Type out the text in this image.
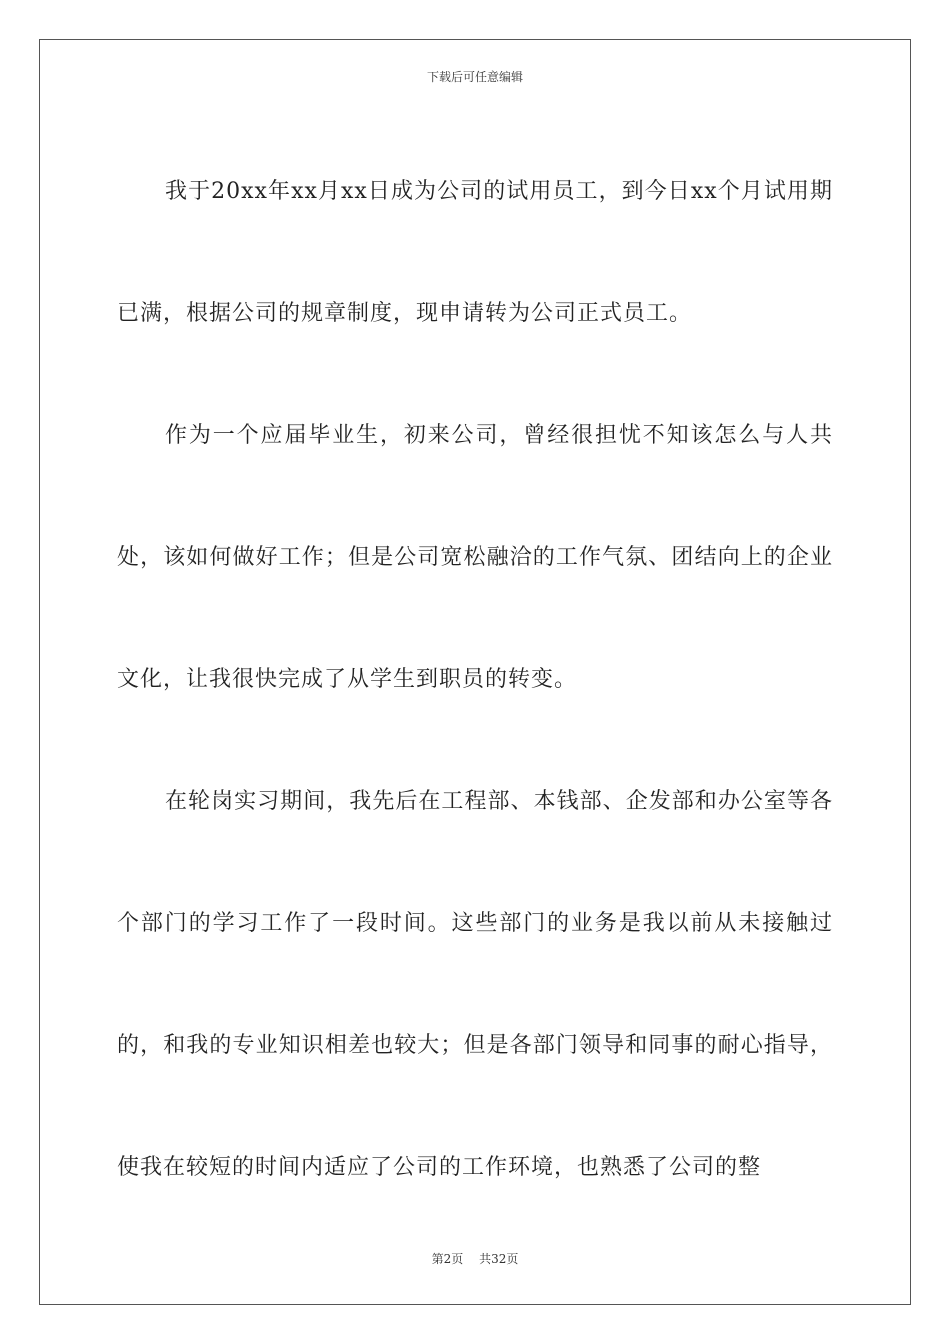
下载后可任意编辑

我于20xx年xx月xx日成为公司的试用员工，到今日xx个月试用期已满，根据公司的规章制度，现申请转为公司正式员工。

作为一个应届毕业生，初来公司，曾经很担忧不知该怎么与人共处，该如何做好工作；但是公司宽松融洽的工作气氛、团结向上的企业文化，让我很快完成了从学生到职员的转变。

在轮岗实习期间，我先后在工程部、本钱部、企发部和办公室等各个部门的学习工作了一段时间。这些部门的业务是我以前从未接触过的，和我的专业知识相差也较大；但是各部门领导和同事的耐心指导，使我在较短的时间内适应了公司的工作环境，也熟悉了公司的整

第2页 共32页
